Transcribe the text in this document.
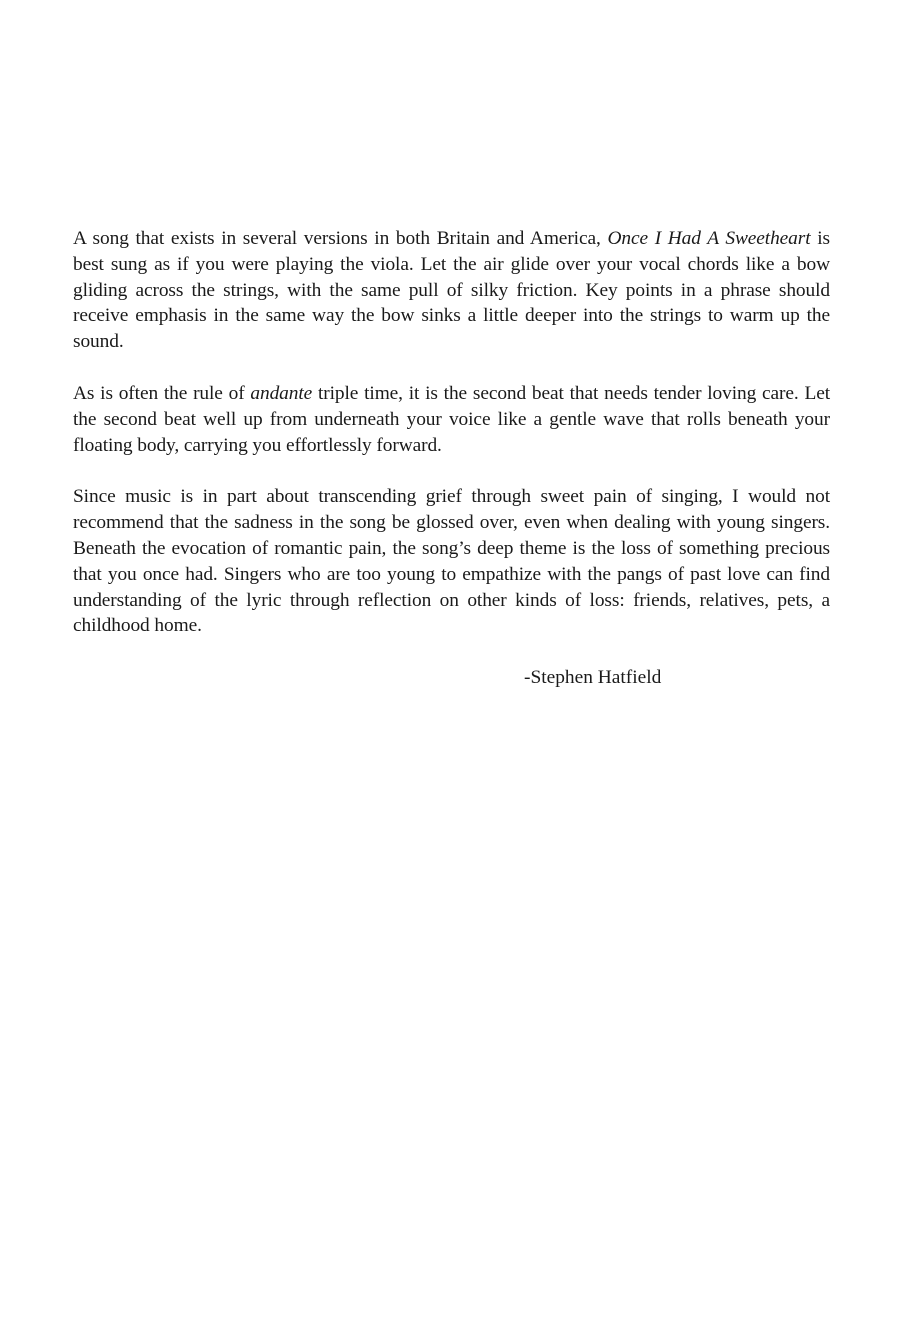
A song that exists in several versions in both Britain and America, Once I Had A Sweetheart is best sung as if you were playing the viola. Let the air glide over your vocal chords like a bow gliding across the strings, with the same pull of silky friction. Key points in a phrase should receive emphasis in the same way the bow sinks a little deeper into the strings to warm up the sound.

As is often the rule of andante triple time, it is the second beat that needs tender loving care. Let the second beat well up from underneath your voice like a gentle wave that rolls beneath your floating body, carrying you effortlessly forward.

Since music is in part about transcending grief through sweet pain of singing, I would not recommend that the sadness in the song be glossed over, even when dealing with young singers. Beneath the evocation of romantic pain, the song’s deep theme is the loss of something precious that you once had. Singers who are too young to empathize with the pangs of past love can find understanding of the lyric through reflection on other kinds of loss: friends, relatives, pets, a childhood home.

-Stephen Hatfield
